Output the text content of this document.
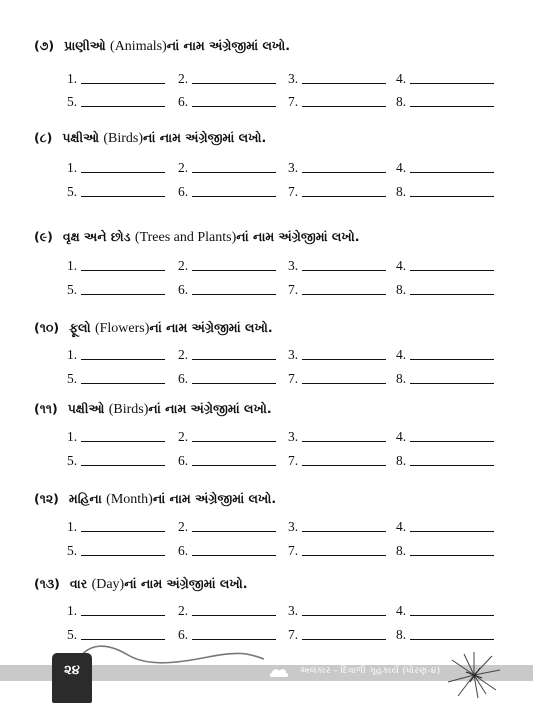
(૭) પ્રાણીઓ (Animals)નાં નામ અંગ્રેજીમાં લખો.
1.	2.	3.	4.
5.	6.	7.	8.
(૮) પક્ષીઓ (Birds)નાં નામ અંગ્રેજીમાં લખો.
1.	2.	3.	4.
5.	6.	7.	8.
(૯) વૃક્ષ અને છોડ (Trees and Plants)નાં નામ અંગ્રેજીમાં લખો.
1.	2.	3.	4.
5.	6.	7.	8.
(૧૦) ફૂલો (Flowers)નાં નામ અંગ્રેજીમાં લખો.
1.	2.	3.	4.
5.	6.	7.	8.
(૧૧) પક્ષીઓ (Birds)નાં નામ અંગ્રેજીમાં લખો.
1.	2.	3.	4.
5.	6.	7.	8.
(૧૨) મહિના (Month)નાં નામ અંગ્રેજીમાં લખો.
1.	2.	3.	4.
5.	6.	7.	8.
(૧૩) વાર (Day)નાં નામ અંગ્રેજીમાં લખો.
1.	2.	3.	4.
5.	6.	7.	8.
૨૪	અલંકાર - દિવાળી ગૃહકાર્ય (ધોરણ-૪)
